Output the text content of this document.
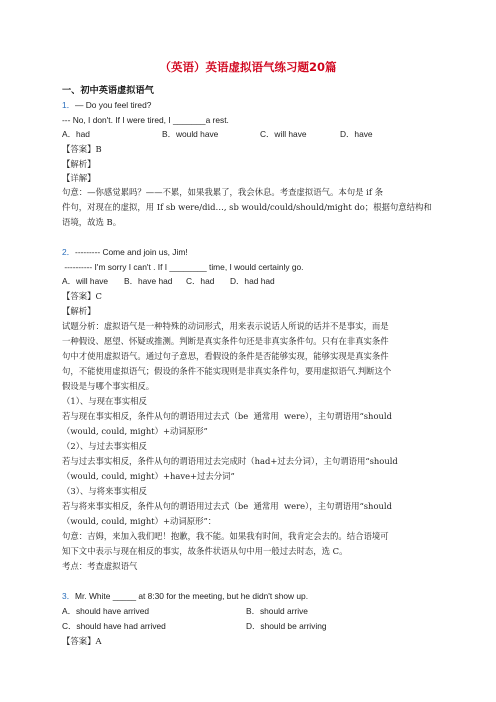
（英语）英语虚拟语气练习题20篇
一、初中英语虚拟语气
1．— Do you feel tired?
--- No, I don't. If I were tired, I _______a rest.
A．had	B．would have	C．will have	D．have
【答案】B
【解析】
【详解】
句意：—你感觉累吗？——不累，如果我累了，我会休息。考查虚拟语气。本句是 if 条
件句，对现在的虚拟，用 If sb were/did…, sb would/could/should/might do；根据句意结构和
语境，故选 B。
2．--------- Come and join us, Jim!
---------- I'm sorry I can't . If I ________ time, I would certainly go.
A．will have B．have had C．had D．had had
【答案】C
【解析】
试题分析：虚拟语气是一种特殊的动词形式，用来表示说话人所说的话并不是事实，而是
一种假设、愿望、怀疑或推测。判断是真实条件句还是非真实条件句。只有在非真实条件
句中才使用虚拟语气。通过句子意思，看假设的条件是否能够实现，能够实现是真实条件
句，不能使用虚拟语气；假设的条件不能实现则是非真实条件句，要用虚拟语气.判断这个
假设是与哪个事实相反。
（1）、与现在事实相反
若与现在事实相反，条件从句的谓语用过去式（be  通常用  were），主句谓语用“should
（would, could, might）+动词原形”
（2）、与过去事实相反
若与过去事实相反，条件从句的谓语用过去完成时（had+过去分词），主句谓语用“should
（would, could, might）+have+过去分词”
（3）、与将来事实相反
若与将来事实相反，条件从句的谓语用过去式（be  通常用  were），主句谓语用“should
（would, could, might）+动词原形”：
句意：吉姆，来加入我们吧！抱歉，我不能。如果我有时间，我肯定会去的。结合语境可
知下文中表示与现在相反的事实，故条件状语从句中用一般过去时态，选 C。
考点：考查虚拟语气
3．Mr. White _____ at 8:30 for the meeting, but he didn't show up.
A．should have arrived	B．should arrive
C．should have had arrived	D．should be arriving
【答案】A
